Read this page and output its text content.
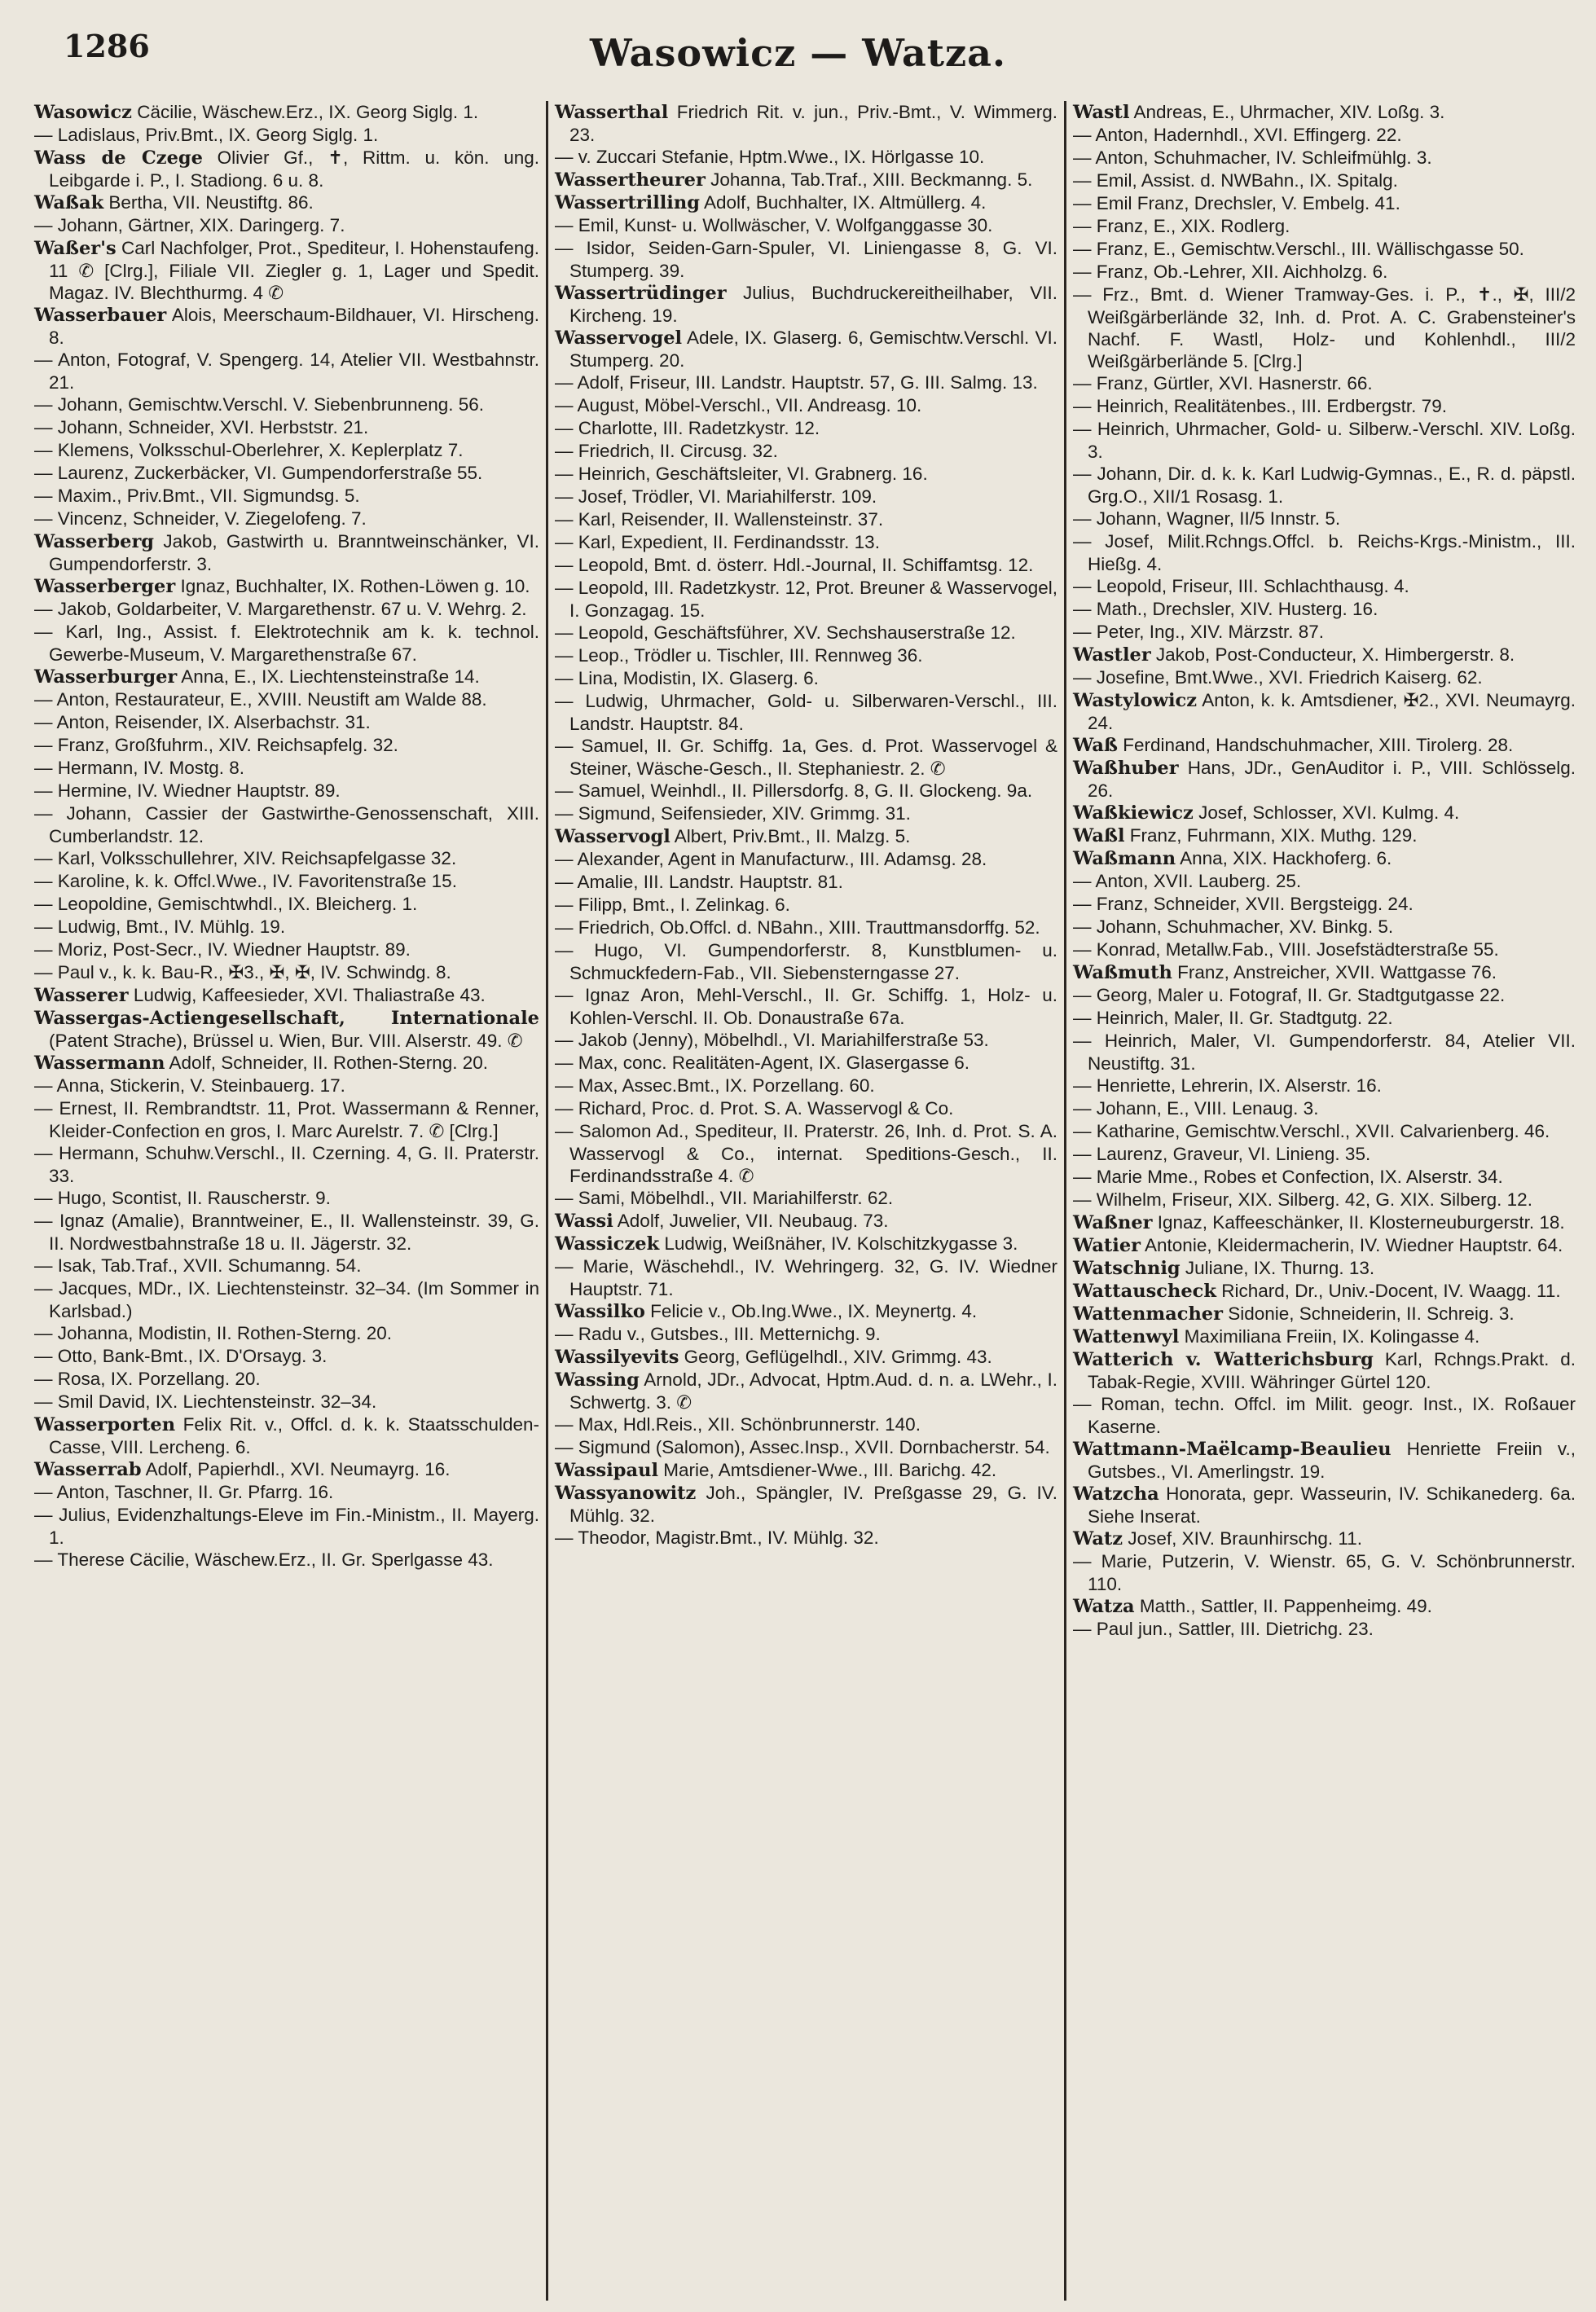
1286	Wasowicz — Watza.

Wasowicz Cäcilie, Wäschew.Erz., IX. Georg Siglg. 1.

— Ladislaus, Priv.Bmt., IX. Georg Siglg. 1.

Wass de Czege Olivier Gf., ✝, Rittm. u. kön. ung. Leibgarde i. P., I. Stadiong. 6 u. 8.

Waßak Bertha, VII. Neustiftg. 86.

— Johann, Gärtner, XIX. Daringerg. 7.

Waßer's Carl Nachfolger, Prot., Spediteur, I. Hohenstaufeng. 11 ✆ [Clrg.], Filiale VII. Ziegler g. 1, Lager und Spedit. Magaz. IV. Blechthurmg. 4 ✆

Wasserbauer Alois, Meerschaum-Bildhauer, VI. Hirscheng. 8.

— Anton, Fotograf, V. Spengerg. 14, Atelier VII. Westbahnstr. 21.

— Johann, Gemischtw.Verschl. V. Siebenbrunneng. 56.

— Johann, Schneider, XVI. Herbststr. 21.

— Klemens, Volksschul-Oberlehrer, X. Keplerplatz 7.

— Laurenz, Zuckerbäcker, VI. Gumpendorferstraße 55.

— Maxim., Priv.Bmt., VII. Sigmundsg. 5.

— Vincenz, Schneider, V. Ziegelofeng. 7.

Wasserberg Jakob, Gastwirth u. Branntweinschänker, VI. Gumpendorferstr. 3.

Wasserberger Ignaz, Buchhalter, IX. Rothen-Löwen g. 10.

— Jakob, Goldarbeiter, V. Margarethenstr. 67 u. V. Wehrg. 2.

— Karl, Ing., Assist. f. Elektrotechnik am k. k. technol. Gewerbe-Museum, V. Margarethenstraße 67.

Wasserburger Anna, E., IX. Liechtensteinstraße 14.

— Anton, Restaurateur, E., XVIII. Neustift am Walde 88.

— Anton, Reisender, IX. Alserbachstr. 31.

— Franz, Großfuhrm., XIV. Reichsapfelg. 32.

— Hermann, IV. Mostg. 8.

— Hermine, IV. Wiedner Hauptstr. 89.

— Johann, Cassier der Gastwirthe-Genossenschaft, XIII. Cumberlandstr. 12.

— Karl, Volksschullehrer, XIV. Reichsapfelgasse 32.

— Karoline, k. k. Offcl.Wwe., IV. Favoritenstraße 15.

— Leopoldine, Gemischtwhdl., IX. Bleicherg. 1.

— Ludwig, Bmt., IV. Mühlg. 19.

— Moriz, Post-Secr., IV. Wiedner Hauptstr. 89.

— Paul v., k. k. Bau-R., ✠3., ✠, ✠, IV. Schwindg. 8.

Wasserer Ludwig, Kaffeesieder, XVI. Thaliastraße 43.

Wassergas-Actiengesellschaft, Internationale (Patent Strache), Brüssel u. Wien, Bur. VIII. Alserstr. 49. ✆

Wassermann Adolf, Schneider, II. Rothen-Sterng. 20.

— Anna, Stickerin, V. Steinbauerg. 17.

— Ernest, II. Rembrandtstr. 11, Prot. Wassermann & Renner, Kleider-Confection en gros, I. Marc Aurelstr. 7. ✆ [Clrg.]

— Hermann, Schuhw.Verschl., II. Czerning. 4, G. II. Praterstr. 33.

— Hugo, Scontist, II. Rauscherstr. 9.

— Ignaz (Amalie), Branntweiner, E., II. Wallensteinstr. 39, G. II. Nordwestbahnstraße 18 u. II. Jägerstr. 32.

— Isak, Tab.Traf., XVII. Schumanng. 54.

— Jacques, MDr., IX. Liechtensteinstr. 32–34. (Im Sommer in Karlsbad.)

— Johanna, Modistin, II. Rothen-Sterng. 20.

— Otto, Bank-Bmt., IX. D'Orsayg. 3.

— Rosa, IX. Porzellang. 20.

— Smil David, IX. Liechtensteinstr. 32–34.

Wasserporten Felix Rit. v., Offcl. d. k. k. Staatsschulden-Casse, VIII. Lercheng. 6.

Wasserrab Adolf, Papierhdl., XVI. Neumayrg. 16.

— Anton, Taschner, II. Gr. Pfarrg. 16.

— Julius, Evidenzhaltungs-Eleve im Fin.-Ministm., II. Mayerg. 1.

— Therese Cäcilie, Wäschew.Erz., II. Gr. Sperlgasse 43.

Wasserthal Friedrich Rit. v. jun., Priv.-Bmt., V. Wimmerg. 23.

— v. Zuccari Stefanie, Hptm.Wwe., IX. Hörlgasse 10.

Wassertheurer Johanna, Tab.Traf., XIII. Beckmanng. 5.

Wassertrilling Adolf, Buchhalter, IX. Altmüllerg. 4.

— Emil, Kunst- u. Wollwäscher, V. Wolfganggasse 30.

— Isidor, Seiden-Garn-Spuler, VI. Liniengasse 8, G. VI. Stumperg. 39.

Wassertrüdinger Julius, Buchdruckereitheilhaber, VII. Kircheng. 19.

Wasservogel Adele, IX. Glaserg. 6, Gemischtw.Verschl. VI. Stumperg. 20.

— Adolf, Friseur, III. Landstr. Hauptstr. 57, G. III. Salmg. 13.

— August, Möbel-Verschl., VII. Andreasg. 10.

— Charlotte, III. Radetzkystr. 12.

— Friedrich, II. Circusg. 32.

— Heinrich, Geschäftsleiter, VI. Grabnerg. 16.

— Josef, Trödler, VI. Mariahilferstr. 109.

— Karl, Reisender, II. Wallensteinstr. 37.

— Karl, Expedient, II. Ferdinandsstr. 13.

— Leopold, Bmt. d. österr. Hdl.-Journal, II. Schiffamtsg. 12.

— Leopold, III. Radetzkystr. 12, Prot. Breuner & Wasservogel, I. Gonzagag. 15.

— Leopold, Geschäftsführer, XV. Sechshauserstraße 12.

— Leop., Trödler u. Tischler, III. Rennweg 36.

— Lina, Modistin, IX. Glaserg. 6.

— Ludwig, Uhrmacher, Gold- u. Silberwaren-Verschl., III. Landstr. Hauptstr. 84.

— Samuel, II. Gr. Schiffg. 1a, Ges. d. Prot. Wasservogel & Steiner, Wäsche-Gesch., II. Stephaniestr. 2. ✆

— Samuel, Weinhdl., II. Pillersdorfg. 8, G. II. Glockeng. 9a.

— Sigmund, Seifensieder, XIV. Grimmg. 31.

Wasservogl Albert, Priv.Bmt., II. Malzg. 5.

— Alexander, Agent in Manufacturw., III. Adamsg. 28.

— Amalie, III. Landstr. Hauptstr. 81.

— Filipp, Bmt., I. Zelinkag. 6.

— Friedrich, Ob.Offcl. d. NBahn., XIII. Trauttmansdorffg. 52.

— Hugo, VI. Gumpendorferstr. 8, Kunstblumen- u. Schmuckfedern-Fab., VII. Siebensterngasse 27.

— Ignaz Aron, Mehl-Verschl., II. Gr. Schiffg. 1, Holz- u. Kohlen-Verschl. II. Ob. Donaustraße 67a.

— Jakob (Jenny), Möbelhdl., VI. Mariahilferstraße 53.

— Max, conc. Realitäten-Agent, IX. Glasergasse 6.

— Max, Assec.Bmt., IX. Porzellang. 60.

— Richard, Proc. d. Prot. S. A. Wasservogl & Co.

— Salomon Ad., Spediteur, II. Praterstr. 26, Inh. d. Prot. S. A. Wasservogl & Co., internat. Speditions-Gesch., II. Ferdinandsstraße 4. ✆

— Sami, Möbelhdl., VII. Mariahilferstr. 62.

Wassi Adolf, Juwelier, VII. Neubaug. 73.

Wassiczek Ludwig, Weißnäher, IV. Kolschitzkygasse 3.

— Marie, Wäschehdl., IV. Wehringerg. 32, G. IV. Wiedner Hauptstr. 71.

Wassilko Felicie v., Ob.Ing.Wwe., IX. Meynertg. 4.

— Radu v., Gutsbes., III. Metternichg. 9.

Wassilyevits Georg, Geflügelhdl., XIV. Grimmg. 43.

Wassing Arnold, JDr., Advocat, Hptm.Aud. d. n. a. LWehr., I. Schwertg. 3. ✆

— Max, Hdl.Reis., XII. Schönbrunnerstr. 140.

— Sigmund (Salomon), Assec.Insp., XVII. Dornbacherstr. 54.

Wassipaul Marie, Amtsdiener-Wwe., III. Barichg. 42.

Wassyanowitz Joh., Spängler, IV. Preßgasse 29, G. IV. Mühlg. 32.

— Theodor, Magistr.Bmt., IV. Mühlg. 32.

Wastl Andreas, E., Uhrmacher, XIV. Loßg. 3.

— Anton, Hadernhdl., XVI. Effingerg. 22.

— Anton, Schuhmacher, IV. Schleifmühlg. 3.

— Emil, Assist. d. NWBahn., IX. Spitalg.

— Emil Franz, Drechsler, V. Embelg. 41.

— Franz, E., XIX. Rodlerg.

— Franz, E., Gemischtw.Verschl., III. Wällischgasse 50.

— Franz, Ob.-Lehrer, XII. Aichholzg. 6.

— Frz., Bmt. d. Wiener Tramway-Ges. i. P., ✝., ✠, III/2 Weißgärberlände 32, Inh. d. Prot. A. C. Grabensteiner's Nachf. F. Wastl, Holz- und Kohlenhdl., III/2 Weißgärberlände 5. [Clrg.]

— Franz, Gürtler, XVI. Hasnerstr. 66.

— Heinrich, Realitätenbes., III. Erdbergstr. 79.

— Heinrich, Uhrmacher, Gold- u. Silberw.-Verschl. XIV. Loßg. 3.

— Johann, Dir. d. k. k. Karl Ludwig-Gymnas., E., R. d. päpstl. Grg.O., XII/1 Rosasg. 1.

— Johann, Wagner, II/5 Innstr. 5.

— Josef, Milit.Rchngs.Offcl. b. Reichs-Krgs.-Ministm., III. Hießg. 4.

— Leopold, Friseur, III. Schlachthausg. 4.

— Math., Drechsler, XIV. Husterg. 16.

— Peter, Ing., XIV. Märzstr. 87.

Wastler Jakob, Post-Conducteur, X. Himbergerstr. 8.

— Josefine, Bmt.Wwe., XVI. Friedrich Kaiserg. 62.

Wastylowicz Anton, k. k. Amtsdiener, ✠2., XVI. Neumayrg. 24.

Waß Ferdinand, Handschuhmacher, XIII. Tirolerg. 28.

Waßhuber Hans, JDr., GenAuditor i. P., VIII. Schlösselg. 26.

Waßkiewicz Josef, Schlosser, XVI. Kulmg. 4.

Waßl Franz, Fuhrmann, XIX. Muthg. 129.

Waßmann Anna, XIX. Hackhoferg. 6.

— Anton, XVII. Lauberg. 25.

— Franz, Schneider, XVII. Bergsteigg. 24.

— Johann, Schuhmacher, XV. Binkg. 5.

— Konrad, Metallw.Fab., VIII. Josefstädterstraße 55.

Waßmuth Franz, Anstreicher, XVII. Wattgasse 76.

— Georg, Maler u. Fotograf, II. Gr. Stadtgutgasse 22.

— Heinrich, Maler, II. Gr. Stadtgutg. 22.

— Heinrich, Maler, VI. Gumpendorferstr. 84, Atelier VII. Neustiftg. 31.

— Henriette, Lehrerin, IX. Alserstr. 16.

— Johann, E., VIII. Lenaug. 3.

— Katharine, Gemischtw.Verschl., XVII. Calvarienberg. 46.

— Laurenz, Graveur, VI. Linieng. 35.

— Marie Mme., Robes et Confection, IX. Alserstr. 34.

— Wilhelm, Friseur, XIX. Silberg. 42, G. XIX. Silberg. 12.

Waßner Ignaz, Kaffeeschänker, II. Klosterneuburgerstr. 18.

Watier Antonie, Kleidermacherin, IV. Wiedner Hauptstr. 64.

Watschnig Juliane, IX. Thurng. 13.

Wattauscheck Richard, Dr., Univ.-Docent, IV. Waagg. 11.

Wattenmacher Sidonie, Schneiderin, II. Schreig. 3.

Wattenwyl Maximiliana Freiin, IX. Kolingasse 4.

Watterich v. Watterichsburg Karl, Rchngs.Prakt. d. Tabak-Regie, XVIII. Währinger Gürtel 120.

— Roman, techn. Offcl. im Milit. geogr. Inst., IX. Roßauer Kaserne.

Wattmann-Maëlcamp-Beaulieu Henriette Freiin v., Gutsbes., VI. Amerlingstr. 19.

Watzcha Honorata, gepr. Wasseurin, IV. Schikanederg. 6a. Siehe Inserat.

Watz Josef, XIV. Braunhirschg. 11.

— Marie, Putzerin, V. Wienstr. 65, G. V. Schönbrunnerstr. 110.

Watza Matth., Sattler, II. Pappenheimg. 49.

— Paul jun., Sattler, III. Dietrichg. 23.
